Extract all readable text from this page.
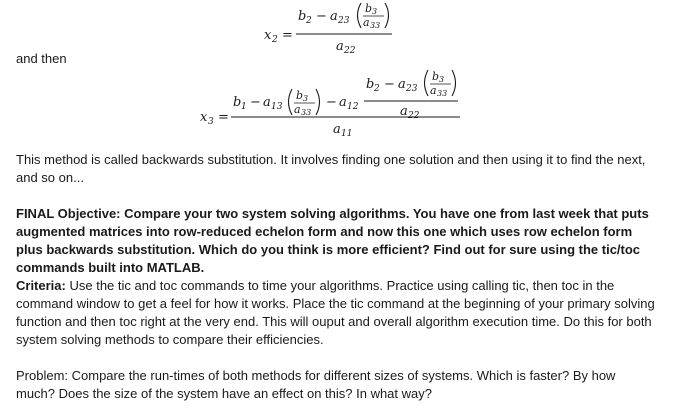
x 2 =
b 2 − a 23
b 3
a 33
a 22
and then
x 3 =
b 1 − a 13
b 3
a 33
− a 12
b 2 − a 23
b 3
a 33
a 22
a 11

This method is called backwards substitution. It involves finding one solution and then using it to find the next, and so on...

FINAL Objective: Compare your two system solving algorithms. You have one from last week that puts augmented matrices into row-reduced echelon form and now this one which uses row echelon form plus backwards substitution. Which do you think is more efficient? Find out for sure using the tic/toc commands built into MATLAB.
Criteria: Use the tic and toc commands to time your algorithms. Practice using calling tic, then toc in the command window to get a feel for how it works. Place the tic command at the beginning of your primary solving function and then toc right at the very end. This will ouput and overall algorithm execution time. Do this for both system solving methods to compare their efficiencies.

Problem: Compare the run-times of both methods for different sizes of systems. Which is faster? By how much? Does the size of the system have an effect on this? In what way?
